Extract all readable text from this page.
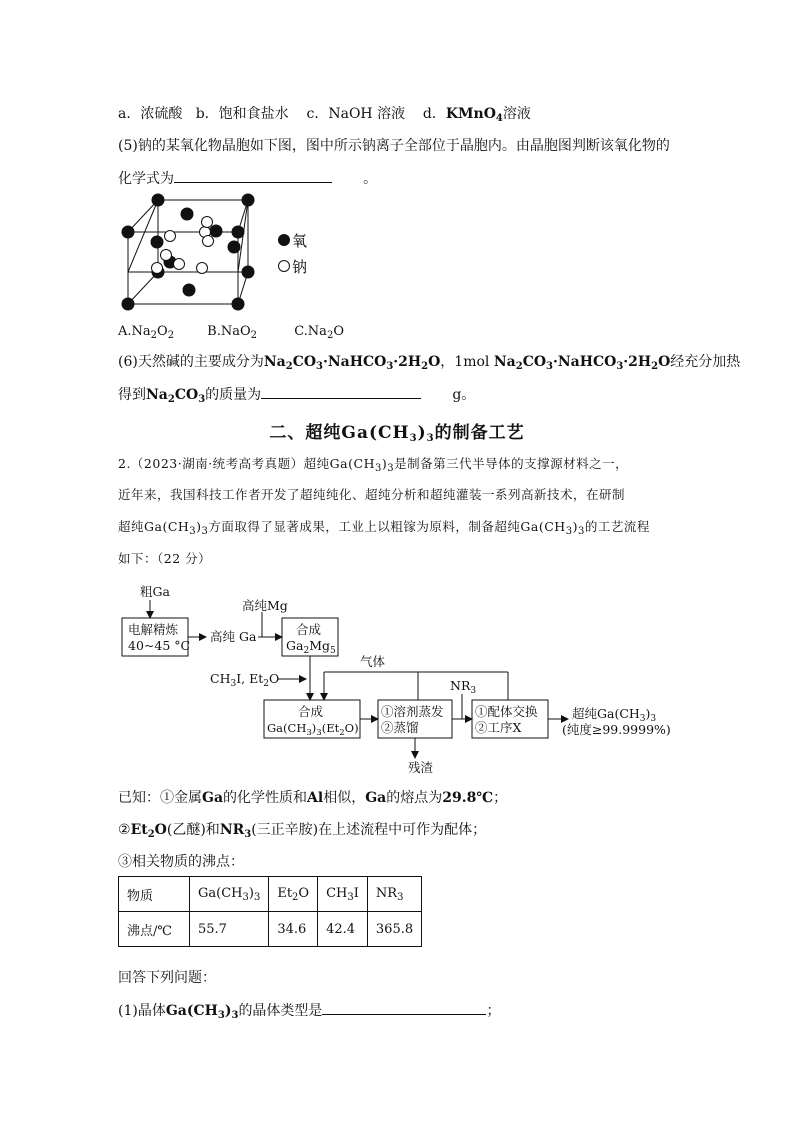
a．浓硫酸 b．饱和食盐水 c．NaOH 溶液 d．KMnO$_4$溶液
(5)钠的某氧化物晶胞如下图，图中所示钠离子全部位于晶胞内。由晶胞图判断该氧化物的
化学式为	。
氧
钠
$A.Na_2O_2$	B.NaO$_2$	$C.Na_2O$
(6)天然碱的主要成分为$Na_2CO_3\cdot NaHCO_3\cdot 2H_2O$，1mol $Na_2CO_3\cdot NaHCO_3\cdot 2H_2O$经充分加热
得到$Na_2CO_3$的质量为	g。
二、超纯$Ga(CH_3)_3$的制备工艺
2.（2023·湖南·统考高考真题）超纯$Ga(CH_3)_3$是制备第三代半导体的支撑源材料之一，
近年来，我国科技工作者开发了超纯纯化、超纯分析和超纯灌装一系列高新技术，在研制
超纯$Ga(CH_3)_3$方面取得了显著成果，工业上以粗镓为原料，制备超纯$Ga(CH_3)_3$的工艺流程
如下：（22 分）
粗Ga
电解精炼
40~45 °C
高纯 Ga
高纯Mg
合成
$Ga_2Mg_5$
$CH_3I$, $Et_2O$
气体
$NR_3$
合成
$Ga(CH_3)_3(Et_2O)$
①溶剂蒸发
②蒸馏
①配体交换
②工序X
超纯$Ga(CH_3)_3$
(纯度≥99.9999%)
残渣
已知：①金属Ga的化学性质和Al相似，Ga的熔点为29.8℃；
$②Et_2O$(乙醚)和$NR_3$(三正辛胺)在上述流程中可作为配体；
③相关物质的沸点：
物质	$Ga(CH_3)_3$	$Et_2O$	$CH_3I$	$NR_3$
沸点/℃	55.7	34.6	42.4	365.8
回答下列问题：
(1)晶体$Ga(CH_3)_3$的晶体类型是	；
